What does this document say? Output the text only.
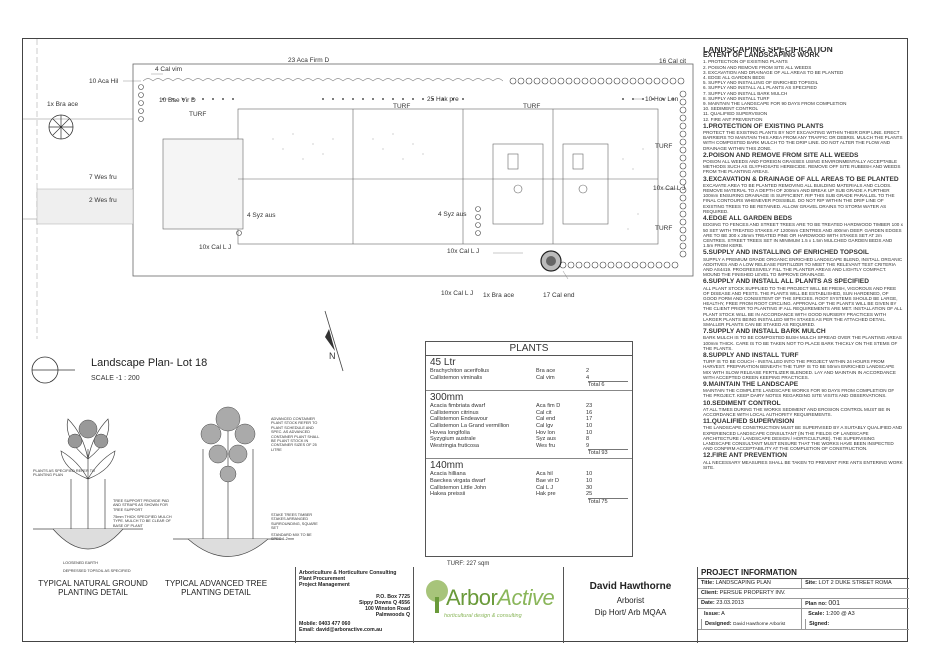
23 Aca Firm D
4 Cal vim
10 Aca Hil
16 Cal cit
10 Bae Vir D	25 Hak pre	10 Hov Lon
1x Bra ace
TURF
TURF	TURF
TURF
TURF
7 Wes fru
2 Wes fru
10x Cal L J
4 Syz aus	4 Syz aus
10x Cal L J
10x Cal L J
10x Cal L J 1x Bra ace	17 Cal end
N
Landscape Plan- Lot 18
SCALE -1 : 200
PLANTS AS SPECIFIED REFER TO PLANTING PLAN
TREE SUPPORT PROVIDE PAD AND STRAPS AS SHOWN FOR TREE SUPPORT
75mm THICK SPECIFIED MULCH TYPE. MULCH TO BE CLEAR OF BASE OF PLANT
LOOSENED EARTH
DEPRESSED TOPSOIL AS SPECIFIED
ADVANCED CONTAINER PLANT STOCK REFER TO PLANT SCHEDULE AND SPEC. AS ADVANCED CONTAINER PLANT SHALL BE PLANT STOCK IN CONTAINER SIZES OF 25 LITRE
STAKE TREES TIMBER STAKES ARRANGED SURROUNDING, SQUARE SET
STANDARD MIX TO BE SPEC 1-2mm
TYPICAL NATURAL GROUND PLANTING DETAIL
TYPICAL ADVANCED TREE PLANTING DETAIL
PLANTS
45 Ltr
Brachychiton acerifolius	Bra ace	2
Callistemon viminalis	Cal vim	4
Total 6
300mm
Acacia fimbriata dwarf	Aca fim D	23
Callistemon citrinus	Cal cit	16
Callistemon Endeavour	Cal end	17
Callistemon La Grand vermillion	Cal lgv	10
Hovea longifolia	Hov lon	10
Syzygium australe	Syz aus	8
Westringia fruticosa	Wes fru	9
Total 93
140mm
Acacia hilliana	Aca hil	10
Baeckea virgata dwarf	Bae vir D	10
Callistemon Little John	Cal L J	30
Hakea preissii	Hak pre	25
Total 75
TURF: 227 sqm
LANDSCAPING SPECIFICATION
EXTENT OF LANDSCAPING WORK
1. PROTECTION OF EXISTING PLANTS
2. POISON AND REMOVE FROM SITE ALL WEEDS
3. EXCAVATION AND DRAINAGE OF ALL AREAS TO BE PLANTED
4. EDGE ALL GARDEN BEDS
5. SUPPLY AND INSTALLING OF ENRICHED TOPSOIL
6. SUPPLY AND INSTALL ALL PLANTS AS SPECIFIED
7. SUPPLY AND INSTALL BARK MULCH
8. SUPPLY AND INSTALL TURF
9. MAINTAIN THE LANDSCAPE FOR 90 DAYS FROM COMPLETION
10. SEDIMENT CONTROL
11. QUALIFIED SUPERVISION
12. FIRE ANT PREVENTION
1.PROTECTION OF EXISTING PLANTS

PROTECT THE EXISTING PLANTS BY NOT EXCAVATING WITHIN THEIR DRIP LINE. ERECT BARRIERS TO MAINTAIN THIS AREA FROM ANY TRAFFIC OR DEBRIS. MULCH THE PLANTS WITH COMPOSTED BARK MULCH TO THE DRIP LINE. DO NOT ALTER THE FLOW AND DRAINAGE WITHIN THIS ZONE.

2.POISON AND REMOVE FROM SITE ALL WEEDS

POISON ALL WEEDS AND FOREIGN GRASSES USING ENVIRONMENTALLY ACCEPTABLE METHODS SUCH AS GLYPHOSATE HERBICIDE. REMOVE OFF SITE RUBBISH AND WEEDS FROM THE PLANTING AREAS.

3.EXCAVATION & DRAINAGE OF ALL AREAS TO BE PLANTED

EXCAVATE AREA TO BE PLANTED REMOVING ALL BUILDING MATERIALS AND CLODS. REMOVE MATERIAL TO A DEPTH OF 200mm AND BREAK UP SUB GRADE A FURTHER 100mm ENSURING DRAINAGE IS SUFFICIENT. RIP THIS SUB GRADE PARALLEL TO THE FINAL CONTOURS WHENEVER POSSIBLE. DO NOT RIP WITHIN THE DRIP LINE OF EXISTING TREES TO BE RETAINED. ALLOW GRAVEL DRAINS TO STORM WATER AS REQUIRED.

4.EDGE ALL GARDEN BEDS

EDGING TO FENCES AND STREET TREES ARE TO BE TREATED HARDWOOD TIMBER 100 x 50 SET WITH TREATED STAKES AT 1200mm CENTRES AND 400mm DEEP. GARDEN EDGES ARE TO BE 300 x 25mm TREATED PINE OR HARDWOOD WITH STAKES SET AT 2m CENTRES. STREET TREES SET IN MINIMUM 1.5 x 1.5m MULCHED GARDEN BEDS AND 1.5m FROM KERB.

5.SUPPLY AND INSTALLING OF ENRICHED TOPSOIL

SUPPLY A PREMIUM GRADE ORGANIC ENRICHED LANDSCAPE BLEND, INSTALL ORGANIC ADDITIVES AND A LOW RELEASE FERTILIZER TO MEET THE RELEVANT TEST CRITERIA AND AS4419. PROGRESSIVELY FILL THE PLANTER AREAS AND LIGHTLY COMPACT. MOUND THE FINISHED LEVEL TO IMPROVE DRAINAGE.

6.SUPPLY AND INSTALL ALL PLANTS AS SPECIFIED

ALL PLANT STOCK SUPPLIED TO THE PROJECT WILL BE FRESH, VIGOROUS AND FREE OF DISEASE AND PESTS. THE PLANTS WILL BE ESTABLISHED, SUN HARDENED, OF GOOD FORM AND CONSISTENT OF THE SPECIES. ROOT SYSTEMS SHOULD BE LARGE, HEALTHY, FREE FROM ROOT CIRCLING. APPROVAL OF THE PLANTS WILL BE GIVEN BY THE CLIENT PRIOR TO PLANTING IF ALL REQUIREMENTS ARE MET. INSTALLATION OF ALL PLANT STOCK WILL BE IN ACCORDANCE WITH GOOD NURSERY PRACTICES WITH LARGER PLANTS BEING INSTALLED WITH STAKES AS PER THE ATTACHED DETAIL. SMALLER PLANTS CAN BE STAKED AS REQUIRED.

7.SUPPLY AND INSTALL BARK MULCH

BARK MULCH IS TO BE COMPOSTED BUSH MULCH SPREAD OVER THE PLANTING AREAS 100mm THICK. CARE IS TO BE TAKEN NOT TO PLACE BARK THICKLY ON THE STEMS OF THE PLANTS.

8.SUPPLY AND INSTALL TURF

TURF IS TO BE COUCH - INSTALLED INTO THE PROJECT WITHIN 24 HOURS FROM HARVEST. PREPARATION BENEATH THE TURF IS TO BE 50mm ENRICHED LANDSCAPE MIX WITH SLOW RELEASE FERTILIZER BLENDED. LAY AND MAINTAIN IN ACCORDANCE WITH ACCEPTED GREEN KEEPING PRACTICES.

9.MAINTAIN THE LANDSCAPE

MAINTAIN THE COMPLETE LANDSCAPE WORKS FOR 90 DAYS FROM COMPLETION OF THE PROJECT. KEEP DAIRY NOTES REGARDING SITE VISITS AND OBSERVATIONS.

10.SEDIMENT CONTROL

AT ALL TIMES DURING THE WORKS SEDIMENT AND EROSION CONTROL MUST BE IN ACCORDANCE WITH LOCAL AUTHORITY REQUIREMENTS.

11.QUALIFIED SUPERVISION

THE LANDSCAPE CONSTRUCTION MUST BE SUPERVISED BY A SUITABLY QUALIFIED AND EXPERIENCED LANDSCAPE CONSULTANT (IN THE FIELDS OF LANDSCAPE ARCHITECTURE / LANDSCAPE DESIGN / HORTICULTURE). THE SUPERVISING LANDSCAPE CONSULTANT MUST ENSURE THAT THE WORKS HAVE BEEN INSPECTED AND CONFIRM ACCEPTABILITY AT THE COMPLETION OF CONSTRUCTION.

12.FIRE ANT PREVENTION

ALL NECESSARY MEASURES SHALL BE TAKEN TO PREVENT FIRE ANTS ENTERING WORK SITE.

Arboriculture & Horticulture Consulting
Plant Procurement
Project Management
P.O. Box 7725
Sippy Downs Q 4556
100 Winston Road
Palmwoods Q
Mobile: 0403 477 060
Email: david@arboractive.com.au
ArborActive
horticultural design & consulting
David Hawthorne
Arborist
Dip Hort/ Arb MQAA
PROJECT INFORMATION
Title: LANDSCAPING PLAN	Site: LOT 2 DUKE STREET ROMA
Client: PERSUE PROPERTY INV.
Date: 23.03.2013	Plan no: 001
Issue: A
Designed: David Hawthorne Arborist
Scale: 1:200 @ A3
Signed:
